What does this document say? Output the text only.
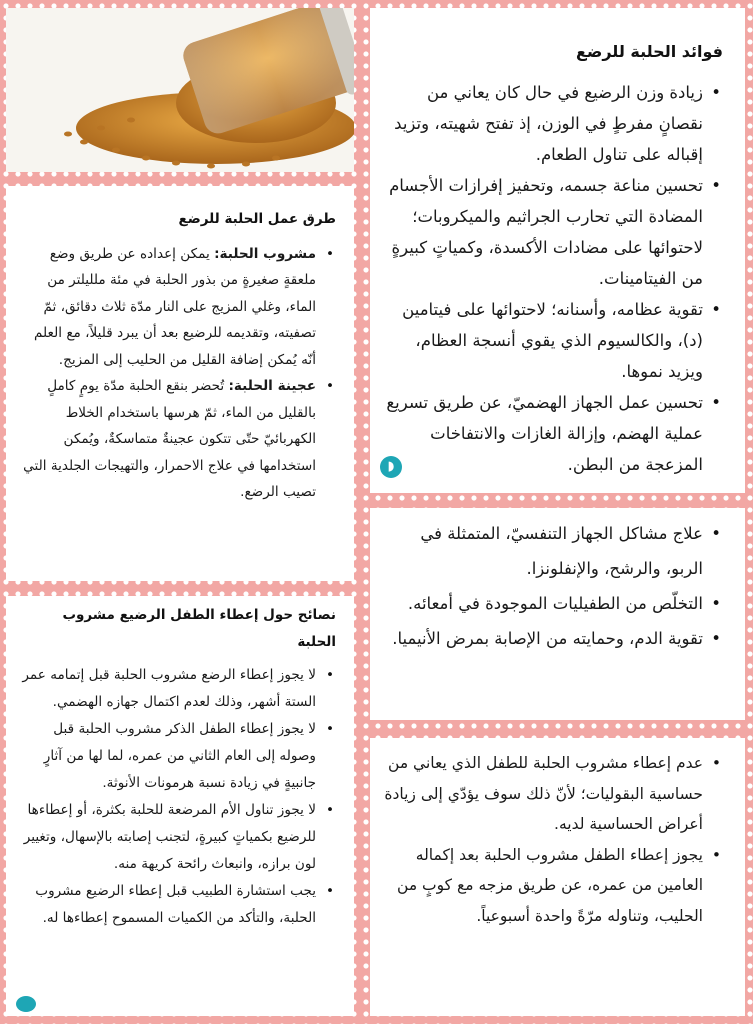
فوائد الحلبة للرضع
• زيادة وزن الرضيع في حال كان يعاني من نقصانٍ مفرطٍ في الوزن، إذ تفتح شهيته، وتزيد إقباله على تناول الطعام.
• تحسين مناعة جسمه، وتحفيز إفرازات الأجسام المضادة التي تحارب الجراثيم والميكروبات؛ لاحتوائها على مضادات الأكسدة، وكمياتٍ كبيرةٍ من الفيتامينات.
• تقوية عظامه، وأسنانه؛ لاحتوائها على فيتامين (د)، والكالسيوم الذي يقوي أنسجة العظام، ويزيد نموها.
• تحسين عمل الجهاز الهضميّ، عن طريق تسريع عملية الهضم، وإزالة الغازات والانتفاخات المزعجة من البطن.
◗
طرق عمل الحلبة للرضع
• مشروب الحلبة: يمكن إعداده عن طريق وضع ملعقةٍ صغيرةٍ من بذور الحلبة في مئة ملليلتر من الماء، وغلي المزيج على النار مدّة ثلاث دقائق، ثمّ تصفيته، وتقديمه للرضيع بعد أن يبرد قليلاً، مع العلم أنّه يُمكن إضافة القليل من الحليب إلى المزيج.
• عجينة الحلبة: تُحضر بنقع الحلبة مدّة يومٍ كاملٍ بالقليل من الماء، ثمّ هرسها باستخدام الخلاط الكهربائيّ حتّى تتكون عجينةٌ متماسكةٌ، ويُمكن استخدامها في علاج الاحمرار، والتهيجات الجلدية التي تصيب الرضع.
• علاج مشاكل الجهاز التنفسيّ، المتمثلة في الربو، والرشح، والإنفلونزا.
• التخلّص من الطفيليات الموجودة في أمعائه.
• تقوية الدم، وحمايته من الإصابة بمرض الأنيميا.
نصائح حول إعطاء الطفل الرضيع مشروب الحلبة
• لا يجوز إعطاء الرضع مشروب الحلبة قبل إتمامه عمر الستة أشهر، وذلك لعدم اكتمال جهازه الهضمي.
• لا يجوز إعطاء الطفل الذكر مشروب الحلبة قبل وصوله إلى العام الثاني من عمره، لما لها من آثارٍ جانبيةٍ في زيادة نسبة هرمونات الأنوثة.
• لا يجوز تناول الأم المرضعة للحلبة بكثرة، أو إعطاءها للرضيع بكمياتٍ كبيرةٍ، لتجنب إصابته بالإسهال، وتغيير لون برازه، وانبعاث رائحة كريهة منه.
• يجب استشارة الطبيب قبل إعطاء الرضيع مشروب الحلبة، والتأكد من الكميات المسموح إعطاءها له.
• عدم إعطاء مشروب الحلبة للطفل الذي يعاني من حساسية البقوليات؛ لأنّ ذلك سوف يؤدّي إلى زيادة أعراض الحساسية لديه.
• يجوز إعطاء الطفل مشروب الحلبة بعد إكماله العامين من عمره، عن طريق مزجه مع كوبٍ من الحليب، وتناوله مرّةً واحدة أسبوعياً.
